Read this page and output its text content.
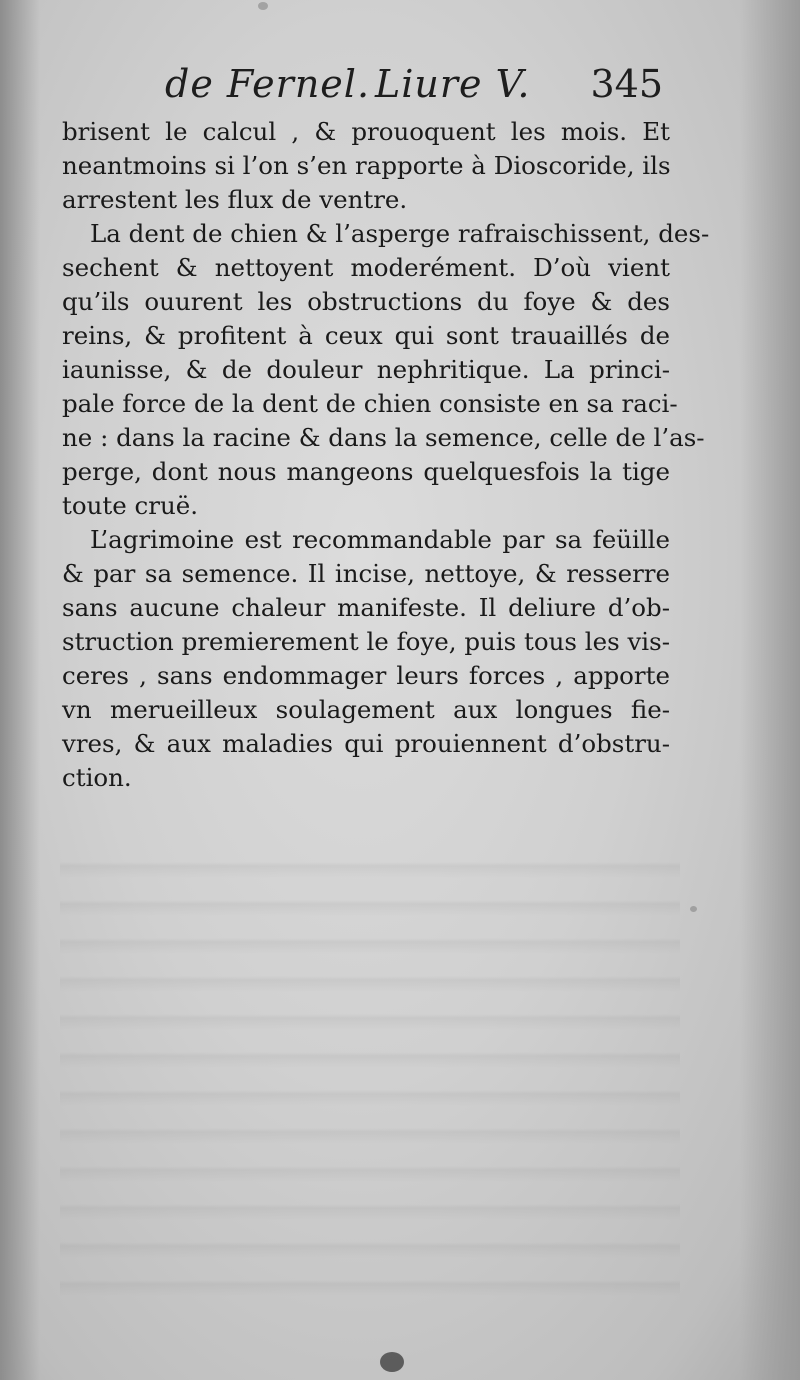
de Fernel. Liure V. 345
brisent le calcul , & prouoquent les mois. Et
neantmoins si l’on s’en rapporte à Dioscoride, ils
arrestent les flux de ventre.
La dent de chien & l’asperge rafraischissent, des-
sechent & nettoyent moderément. D’où vient
qu’ils ouurent les obstructions du foye & des
reins, & profitent à ceux qui sont trauaillés de
iaunisse, & de douleur nephritique. La princi-
pale force de la dent de chien consiste en sa raci-
ne : dans la racine & dans la semence, celle de l’as-
perge, dont nous mangeons quelquesfois la tige
toute cruë.
L’agrimoine est recommandable par sa feüille
& par sa semence. Il incise, nettoye, & resserre
sans aucune chaleur manifeste. Il deliure d’ob-
struction premierement le foye, puis tous les vis-
ceres , sans endommager leurs forces , apporte
vn merueilleux soulagement aux longues fie-
vres, & aux maladies qui prouiennent d’obstru-
ction.
